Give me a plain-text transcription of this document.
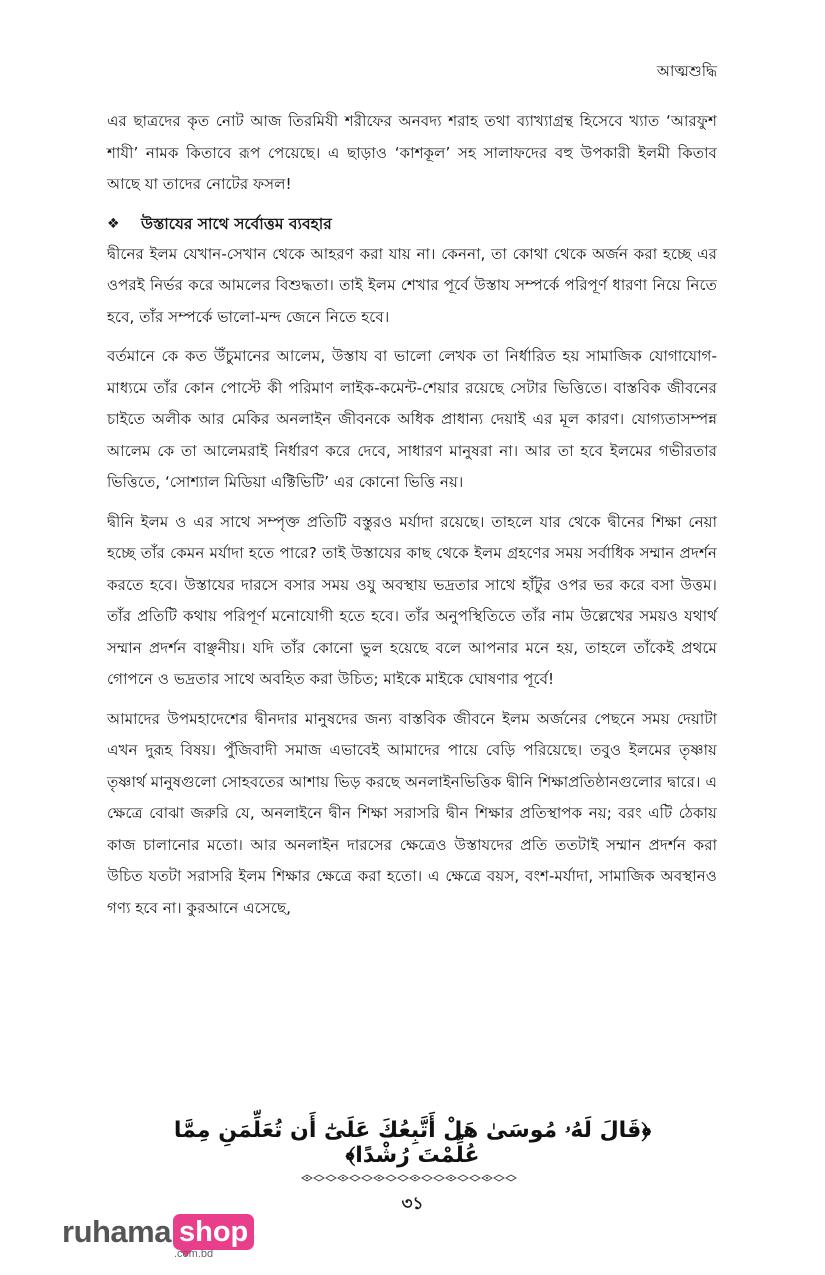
আত্মশুদ্ধি

এর ছাত্রদের কৃত নোট আজ তিরমিযী শরীফের অনবদ্য শরাহ তথা ব্যাখ্যাগ্রন্থ হিসেবে খ্যাত ‘আরফুশ শাযী’ নামক কিতাবে রূপ পেয়েছে। এ ছাড়াও ‘কাশকূল’ সহ সালাফদের বহু উপকারী ইলমী কিতাব আছে যা তাদের নোটের ফসল!

❖	উস্তাযের সাথে সর্বোত্তম ব্যবহার

দ্বীনের ইলম যেখান-সেখান থেকে আহরণ করা যায় না। কেননা, তা কোথা থেকে অর্জন করা হচ্ছে এর ওপরই নির্ভর করে আমলের বিশুদ্ধতা। তাই ইলম শেখার পূর্বে উস্তায সম্পর্কে পরিপূর্ণ ধারণা নিয়ে নিতে হবে, তাঁর সম্পর্কে ভালো-মন্দ জেনে নিতে হবে।

বর্তমানে কে কত উঁচুমানের আলেম, উস্তায বা ভালো লেখক তা নির্ধারিত হয় সামাজিক যোগাযোগ-মাধ্যমে তাঁর কোন পোস্টে কী পরিমাণ লাইক-কমেন্ট-শেয়ার রয়েছে সেটার ভিত্তিতে। বাস্তবিক জীবনের চাইতে অলীক আর মেকির অনলাইন জীবনকে অধিক প্রাধান্য দেয়াই এর মূল কারণ। যোগ্যতাসম্পন্ন আলেম কে তা আলেমরাই নির্ধারণ করে দেবে, সাধারণ মানুষরা না। আর তা হবে ইলমের গভীরতার ভিত্তিতে, ‘সোশ্যাল মিডিয়া এক্টিভিটি’ এর কোনো ভিত্তি নয়।

দ্বীনি ইলম ও এর সাথে সম্পৃক্ত প্রতিটি বস্তুরও মর্যাদা রয়েছে। তাহলে যার থেকে দ্বীনের শিক্ষা নেয়া হচ্ছে তাঁর কেমন মর্যাদা হতে পারে? তাই উস্তাযের কাছ থেকে ইলম গ্রহণের সময় সর্বাধিক সম্মান প্রদর্শন করতে হবে। উস্তাযের দারসে বসার সময় ওযু অবস্থায় ভদ্রতার সাথে হাঁটুর ওপর ভর করে বসা উত্তম। তাঁর প্রতিটি কথায় পরিপূর্ণ মনোযোগী হতে হবে। তাঁর অনুপস্থিতিতে তাঁর নাম উল্লেখের সময়ও যথার্থ সম্মান প্রদর্শন বাঞ্ছনীয়। যদি তাঁর কোনো ভুল হয়েছে বলে আপনার মনে হয়, তাহলে তাঁকেই প্রথমে গোপনে ও ভদ্রতার সাথে অবহিত করা উচিত; মাইকে মাইকে ঘোষণার পূর্বে!

আমাদের উপমহাদেশের দ্বীনদার মানুষদের জন্য বাস্তবিক জীবনে ইলম অর্জনের পেছনে সময় দেয়াটা এখন দুরূহ বিষয়। পুঁজিবাদী সমাজ এভাবেই আমাদের পায়ে বেড়ি পরিয়েছে। তবুও ইলমের তৃষ্ণায় তৃষ্ণার্থ মানুষগুলো সোহবতের আশায় ভিড় করছে অনলাইনভিত্তিক দ্বীনি শিক্ষাপ্রতিষ্ঠানগুলোর দ্বারে। এ ক্ষেত্রে বোঝা জরুরি যে, অনলাইনে দ্বীন শিক্ষা সরাসরি দ্বীন শিক্ষার প্রতিস্থাপক নয়; বরং এটি ঠেকায় কাজ চালানোর মতো। আর অনলাইন দারসের ক্ষেত্রেও উস্তাযদের প্রতি ততটাই সম্মান প্রদর্শন করা উচিত যতটা সরাসরি ইলম শিক্ষার ক্ষেত্রে করা হতো। এ ক্ষেত্রে বয়স, বংশ-মর্যাদা, সামাজিক অবস্থানও গণ্য হবে না। কুরআনে এসেছে,

﴿قَالَ لَهُۥ مُوسَىٰ هَلْ أَتَّبِعُكَ عَلَىٰٓ أَن تُعَلِّمَنِ مِمَّا عُلِّمْتَ رُشْدًا﴾
৩১
ruhama shop
.com.bd
